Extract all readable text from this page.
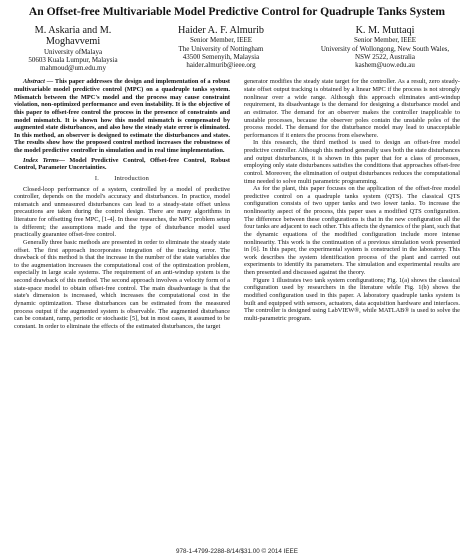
An Offset-free Multivariable Model Predictive Control for Quadruple Tanks System
M. Askaria and M. Moghavvemi
University ofMalaya
50603 Kuala Lumpur, Malaysia
mahmoud@um.edu.my
Haider A. F. Almurib
Senior Member, IEEE
The University of Nottingham
43500 Semenyih, Malaysia
haider.almurib@ieee.org
K. M. Muttaqi
Senior Member, IEEE
University of Wollongong, New South Wales,
NSW 2522, Australia
kashem@uow.edu.au

Abstract — This paper addresses the design and implementation of a robust multivariable model predictive control (MPC) on a quadruple tanks system. Mismatch between the MPC's model and the process may cause constraint violation, non-optimized performance and even instability. It is the objective of this paper to offset-free control the process in the presence of constraints and model mismatch. It is shown how this model mismatch is compensated by augmented state disturbances, and also how the steady state error is eliminated. In this method, an observer is designed to estimate the disturbances and states. The results show how the proposed control method increases the robustness of the model predictive controller in simulation and in real time implementation.

Index Terms— Model Predictive Control, Offset-free Control, Robust Control, Parameter Uncertainties.

I.        Introduction

Closed-loop performance of a system, controlled by a model of predictive controller, depends on the model's accuracy and disturbances. In practice, model mismatch and unmeasured disturbances can lead to a steady-state offset unless precautions are taken during the control design. There are many algorithms in literature for offsetting free MPC, [1-4]. In these researches, the MPC problem setup is different; the assumptions made and the type of disturbance model used practically guarantee offset-free control.

Generally three basic methods are presented in order to eliminate the steady state offset. The first approach incorporates integration of the tracking error. The drawback of this method is that the increase in the number of the state variables due to the augmentation increases the computational cost of the optimization problem, especially in large scale systems. The requirement of an anti-windup system is the second drawback of this method. The second approach involves a velocity form of a state-space model to obtain offset-free control. The main disadvantage is that the state's dimension is increased, which increases the computational cost in the dynamic optimization. These disturbances can be estimated from the measured process output if the augmented system is observable. The augmented disturbance can be constant, ramp, periodic or stochastic [5], but in most cases, it assumed to be constant. In order to eliminate the effects of the estimated disturbances, the target

generator modifies the steady state target for the controller. As a result, zero steady-state offset output tracking is obtained by a linear MPC if the process is not strongly nonlinear over a wide range. Although this approach eliminates anti-windup requirement, its disadvantage is the demand for designing a disturbance model and an estimator. The demand for an observer makes the controller inapplicable to unstable processes, because the observer poles contain the unstable poles of the process model. The demand for the disturbance model may lead to unacceptable performances if it enters the process from elsewhere.

In this research, the third method is used to design an offset-free model predictive controller. Although this method generally uses both the state disturbances and output disturbances, it is shown in this paper that for a class of processes, employing only state disturbances satisfies the conditions that approaches offset-free control. Moreover, the elimination of output disturbances reduces the computational time needed to solve multi parametric programming.

As for the plant, this paper focuses on the application of the offset-free model predictive control on a quadruple tanks system (QTS). The classical QTS configuration consists of two upper tanks and two lower tanks. To increase the nonlinearity aspect of the process, this paper uses a modified QTS configuration. The difference between these configurations is that in the new configuration all the four tanks are adjacent to each other. This affects the dynamics of the plant, such that the dynamic equations of the modified configuration include more intense nonlinearity. This work is the continuation of a previous simulation work presented in [6]. In this paper, the experimental system is constructed in the laboratory. This work describes the system identification process of the plant and carried out experiments to identify its parameters. The simulation and experimental results are then presented and discussed against the theory.

Figure 1 illustrates two tank system configurations; Fig. 1(a) shows the classical configuration used by researchers in the literature while Fig. 1(b) shows the modified configuration used in this paper. A laboratory quadruple tanks system is built and equipped with sensors, actuators, data acquisition hardware and interfaces. The controller is designed using LabVIEW®, while MATLAB® is used to solve the multi-parametric program.

978-1-4799-2288-8/14/$31.00 © 2014 IEEE
